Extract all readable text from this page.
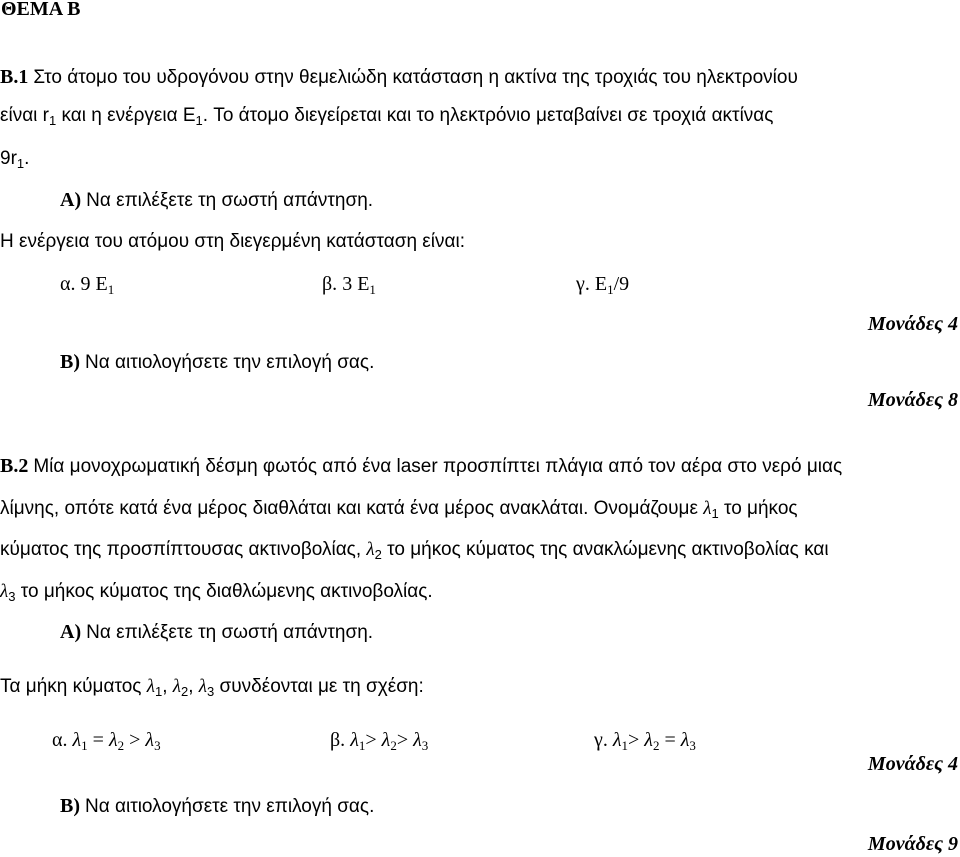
ΘΕΜΑ Β
Β.1 Στο άτομο του υδρογόνου στην θεμελιώδη κατάσταση η ακτίνα της τροχιάς του ηλεκτρονίου
είναι $r_1$ και η ενέργεια $E_1$. Το άτομο διεγείρεται και το ηλεκτρόνιο μεταβαίνει σε τροχιά ακτίνας
$9r_1$.
Α) Να επιλέξετε τη σωστή απάντηση.
Η ενέργεια του ατόμου στη διεγερμένη κατάσταση είναι:
α. 9 $E_1$	β. 3 $E_1$	γ. $E_1/9$
Μονάδες 4
Β) Να αιτιολογήσετε την επιλογή σας.
Μονάδες 8
Β.2 Μία μονοχρωματική δέσμη φωτός από ένα laser προσπίπτει πλάγια από τον αέρα στο νερό μιας
λίμνης, οπότε κατά ένα μέρος διαθλάται και κατά ένα μέρος ανακλάται. Ονομάζουμε $\lambda_1$ το μήκος
κύματος της προσπίπτουσας ακτινοβολίας, $\lambda_2$ το μήκος κύματος της ανακλώμενης ακτινοβολίας και
$\lambda_3$ το μήκος κύματος της διαθλώμενης ακτινοβολίας.
Α) Να επιλέξετε τη σωστή απάντηση.
Τα μήκη κύματος $\lambda_1$, $\lambda_2$, $\lambda_3$ συνδέονται με τη σχέση:
α. $\lambda_1 = \lambda_2 > \lambda_3$	β. $\lambda_1> \lambda_2> \lambda_3$	γ. $\lambda_1> \lambda_2 = \lambda_3$
Μονάδες 4
Β) Να αιτιολογήσετε την επιλογή σας.
Μονάδες 9
